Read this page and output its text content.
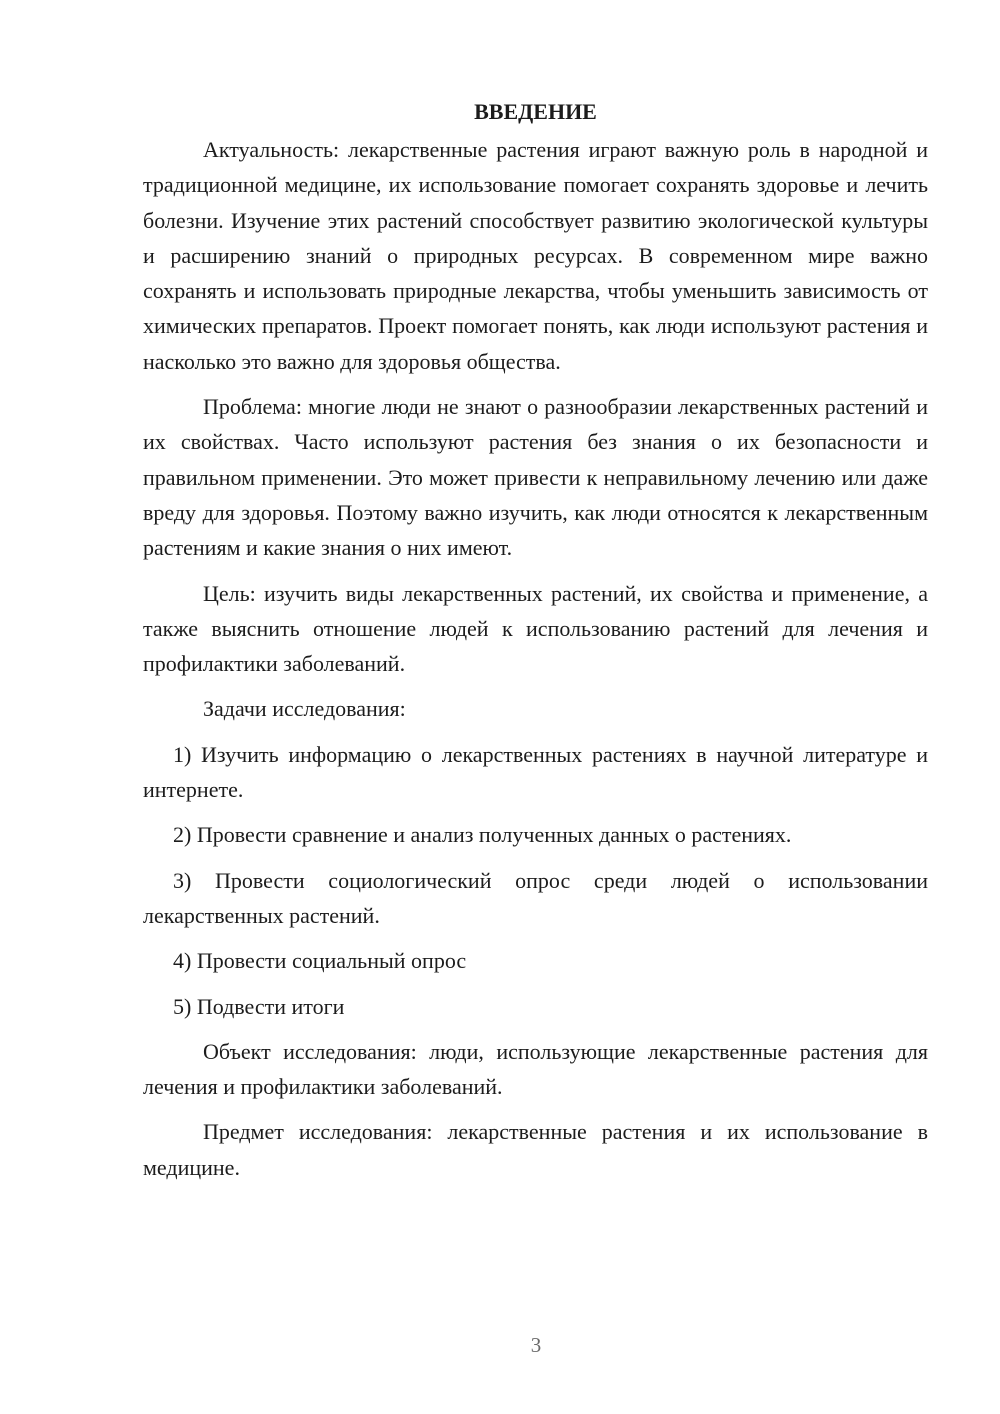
ВВЕДЕНИЕ

Актуальность: лекарственные растения играют важную роль в народной и традиционной медицине, их использование помогает сохранять здоровье и лечить болезни. Изучение этих растений способствует развитию экологической культуры и расширению знаний о природных ресурсах. В современном мире важно сохранять и использовать природные лекарства, чтобы уменьшить зависимость от химических препаратов. Проект помогает понять, как люди используют растения и насколько это важно для здоровья общества.

Проблема: многие люди не знают о разнообразии лекарственных растений и их свойствах. Часто используют растения без знания о их безопасности и правильном применении. Это может привести к неправильному лечению или даже вреду для здоровья. Поэтому важно изучить, как люди относятся к лекарственным растениям и какие знания о них имеют.

Цель: изучить виды лекарственных растений, их свойства и применение, а также выяснить отношение людей к использованию растений для лечения и профилактики заболеваний.

Задачи исследования:

1) Изучить информацию о лекарственных растениях в научной литературе и интернете.

2) Провести сравнение и анализ полученных данных о растениях.

3) Провести социологический опрос среди людей о использовании лекарственных растений.

4) Провести социальный опрос

5) Подвести итоги

Объект исследования: люди, использующие лекарственные растения для лечения и профилактики заболеваний.

Предмет исследования: лекарственные растения и их использование в медицине.

3
